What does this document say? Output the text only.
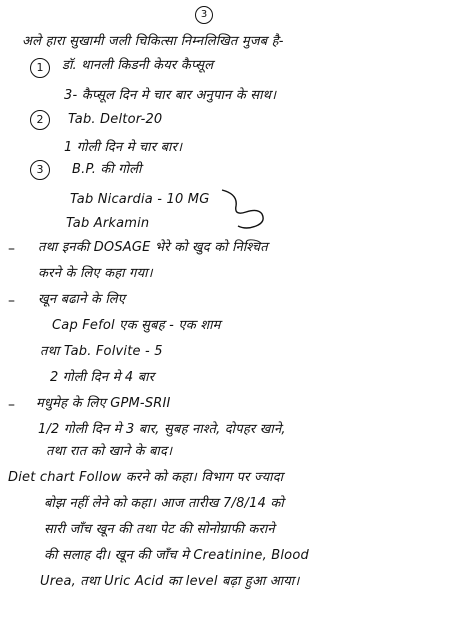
3
अले हारा सुखामी जली चिकित्सा निम्नलिखित मुजब है-
1	डॉ. थानली किडनी केयर कैप्सूल
3- कैप्सूल दिन मे चार बार अनुपान के साथ।
2	Tab. Deltor-20
1 गोली दिन मे चार बार।
3	B.P. की गोली
Tab Nicardia - 10 MG
Tab Arkamin
– तथा इनकी DOSAGE भेरे को खुद को निश्चित
करने के लिए कहा गया।
– खून बढाने के लिए
Cap Fefol एक सुबह - एक शाम
तथा Tab. Folvite - 5
2 गोली दिन मे 4 बार
– मधुमेह के लिए GPM-SRII
1/2 गोली दिन मे 3 बार, सुबह नाश्ते, दोपहर खाने,
तथा रात को खाने के बाद।
Diet chart Follow करने को कहा। विभाग पर ज्यादा
बोझ नहीं लेने को कहा। आज तारीख 7/8/14 को
सारी जाँच खून की तथा पेट की सोनोग्राफी कराने
की सलाह दी। खून की जाँच मे Creatinine, Blood
Urea, तथा Uric Acid का level बढ़ा हुआ आया।
